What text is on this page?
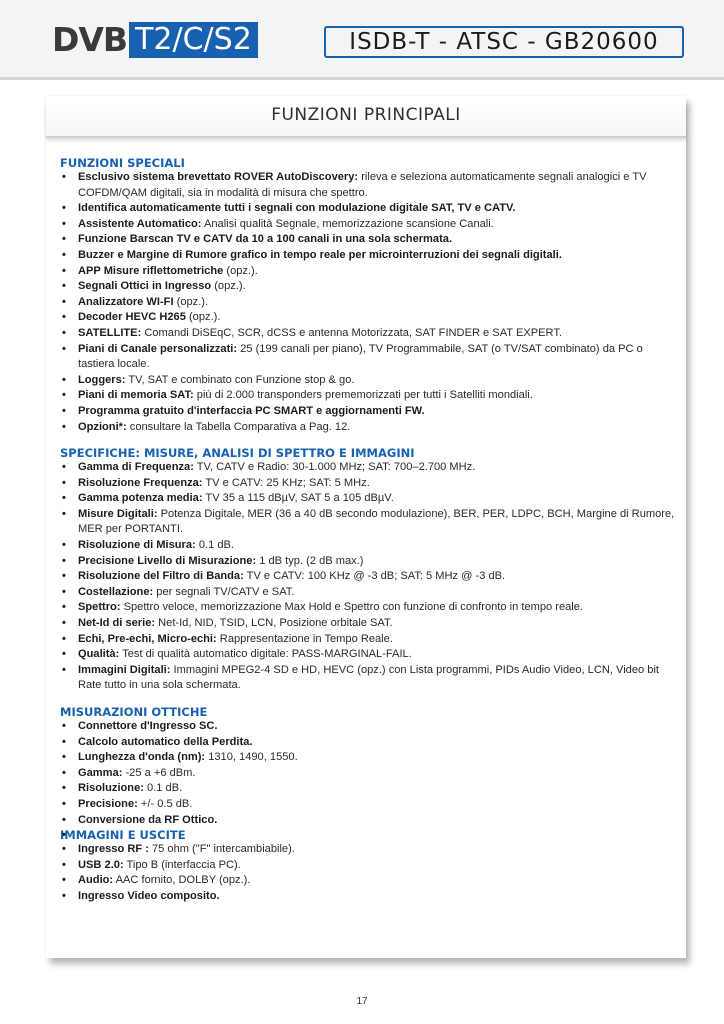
DVB T2/C/S2	ISDB-T - ATSC - GB20600
FUNZIONI PRINCIPALI
FUNZIONI SPECIALI
• Esclusivo sistema brevettato ROVER AutoDiscovery: rileva e seleziona automaticamente segnali analogici e TV COFDM/QAM digitali, sia in modalità di misura che spettro.
• Identifica automaticamente tutti i segnali con modulazione digitale SAT, TV e CATV.
• Assistente Automatico: Analisi qualità Segnale, memorizzazione scansione Canali.
• Funzione Barscan TV e CATV da 10 a 100 canali in una sola schermata.
• Buzzer e Margine di Rumore grafico in tempo reale per microinterruzioni dei segnali digitali.
• APP Misure riflettometriche (opz.).
• Segnali Ottici in Ingresso (opz.).
• Analizzatore WI-FI (opz.).
• Decoder HEVC H265 (opz.).
• SATELLITE: Comandi DiSEqC, SCR, dCSS e antenna Motorizzata, SAT FINDER e SAT EXPERT.
• Piani di Canale personalizzati: 25 (199 canali per piano), TV Programmabile, SAT (o TV/SAT combinato) da PC o tastiera locale.
• Loggers: TV, SAT e combinato con Funzione stop & go.
• Piani di memoria SAT: più di 2.000 transponders prememorizzati per tutti i Satelliti mondiali.
• Programma gratuito d'interfaccia PC SMART e aggiornamenti FW.
• Opzioni*: consultare la Tabella Comparativa a Pag. 12.
SPECIFICHE: MISURE, ANALISI DI SPETTRO E IMMAGINI
• Gamma di Frequenza: TV, CATV e Radio: 30-1.000 MHz; SAT: 700–2.700 MHz.
• Risoluzione Frequenza: TV e CATV: 25 KHz; SAT: 5 MHz.
• Gamma potenza media: TV 35 a 115 dBµV, SAT 5 a 105 dBµV.
• Misure Digitali: Potenza Digitale, MER (36 a 40 dB secondo modulazione), BER, PER, LDPC, BCH, Margine di Rumore, MER per PORTANTI.
• Risoluzione di Misura: 0.1 dB.
• Precisione Livello di Misurazione: 1 dB typ. (2 dB max.)
• Risoluzione del Filtro di Banda: TV e CATV: 100 KHz @ -3 dB; SAT: 5 MHz @ -3 dB.
• Costellazione: per segnali TV/CATV e SAT.
• Spettro: Spettro veloce, memorizzazione Max Hold e Spettro con funzione di confronto in tempo reale.
• Net-Id di serie: Net-Id, NID, TSID, LCN, Posizione orbitale SAT.
• Echi, Pre-echi, Micro-echi: Rappresentazione in Tempo Reale.
• Qualità: Test di qualità automatico digitale: PASS-MARGINAL-FAIL.
• Immagini Digitali: Immagini MPEG2-4 SD e HD, HEVC (opz.) con Lista programmi, PIDs Audio Video, LCN, Video bit Rate tutto in una sola schermata.
MISURAZIONI OTTICHE
• Connettore d'Ingresso SC.
• Calcolo automatico della Perdita.
• Lunghezza d'onda (nm): 1310, 1490, 1550.
• Gamma: -25 a +6 dBm.
• Risoluzione: 0.1 dB.
• Precisione: +/- 0.5 dB.
• Conversione da RF Ottico.
IMMAGINI E USCITE
• Ingresso RF : 75 ohm ("F" intercambiabile).
• USB 2.0: Tipo B (interfaccia PC).
• Audio: AAC fornito, DOLBY (opz.).
• Ingresso Video composito.
17
